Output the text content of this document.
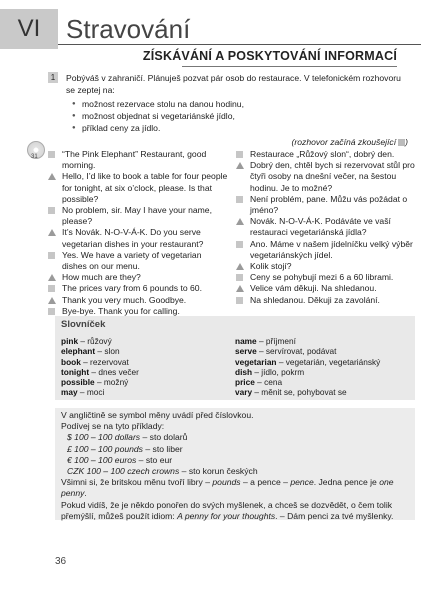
VI Stravování
ZÍSKÁVÁNÍ A POSKYTOVÁNÍ INFORMACÍ
1	Pobýváš v zahraničí. Plánuješ pozvat pár osob do restaurace. V telefonickém rozhovoru se zeptej na:
● možnost rezervace stolu na danou hodinu,
● možnost objednat si vegetariánské jídlo,
● příklad ceny za jídlo.
(rozhovor začíná zkoušející )
31	“The Pink Elephant” Restaurant, good morning.
Hello, I’d like to book a table for four people for tonight, at six o’clock, please. Is that possible?
No problem, sir. May I have your name, please?
It’s Novák. N-O-V-Á-K. Do you serve vegetarian dishes in your restaurant?
Yes. We have a variety of vegetarian dishes on our menu.
How much are they?
The prices vary from 6 pounds to 60.
Thank you very much. Goodbye.
Bye-bye. Thank you for calling.
Restaurace „Růžový slon“, dobrý den.
Dobrý den, chtěl bych si rezervovat stůl pro čtyři osoby na dnešní večer, na šestou hodinu. Je to možné?
Není problém, pane. Můžu vás požádat o jméno?
Novák. N-O-V-Á-K. Podáváte ve vaší restauraci vegetariánská jídla?
Ano. Máme v našem jídelníčku velký výběr vegetariánských jídel.
Kolik stojí?
Ceny se pohybují mezi 6 a 60 librami.
Velice vám děkuji. Na shledanou.
Na shledanou. Děkuji za zavolání.
Slovníček
pink – růžový
elephant – slon
book – rezervovat
tonight – dnes večer
possible – možný
may – moci
name – příjmení
serve – servírovat, podávat
vegetarian – vegetarián, vegetariánský
dish – jídlo, pokrm
price – cena
vary – měnit se, pohybovat se

V angličtině se symbol měny uvádí před číslovkou.

Podívej se na tyto příklady:

$ 100 – 100 dollars – sto dolarů
£ 100 – 100 pounds – sto liber
€ 100 – 100 euros – sto eur
CZK 100 – 100 czech crowns – sto korun českých

Všimni si, že britskou měnu tvoří libry – pounds – a pence – pence. Jedna pence je one penny.

Pokud vidíš, že je někdo ponořen do svých myšlenek, a chceš se dozvědět, o čem tolik přemýšlí, můžeš použít idiom: A penny for your thoughts. – Dám penci za tvé myšlenky.

36
